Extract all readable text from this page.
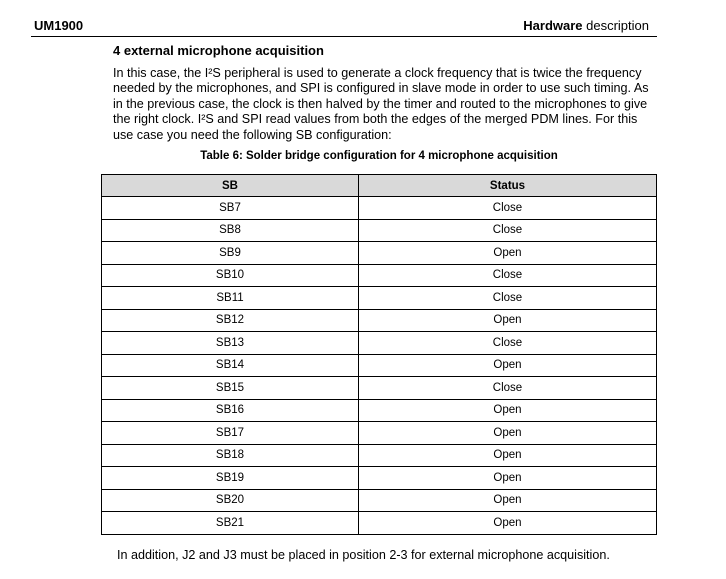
UM1900	Hardware description
4 external microphone acquisition
In this case, the I²S peripheral is used to generate a clock frequency that is twice the frequency needed by the microphones, and SPI is configured in slave mode in order to use such timing. As in the previous case, the clock is then halved by the timer and routed to the microphones to give the right clock. I²S and SPI read values from both the edges of the merged PDM lines. For this use case you need the following SB configuration:
Table 6: Solder bridge configuration for 4 microphone acquisition
SB	Status
SB7	Close
SB8	Close
SB9	Open
SB10	Close
SB11	Close
SB12	Open
SB13	Close
SB14	Open
SB15	Close
SB16	Open
SB17	Open
SB18	Open
SB19	Open
SB20	Open
SB21	Open
In addition, J2 and J3 must be placed in position 2-3 for external microphone acquisition.
